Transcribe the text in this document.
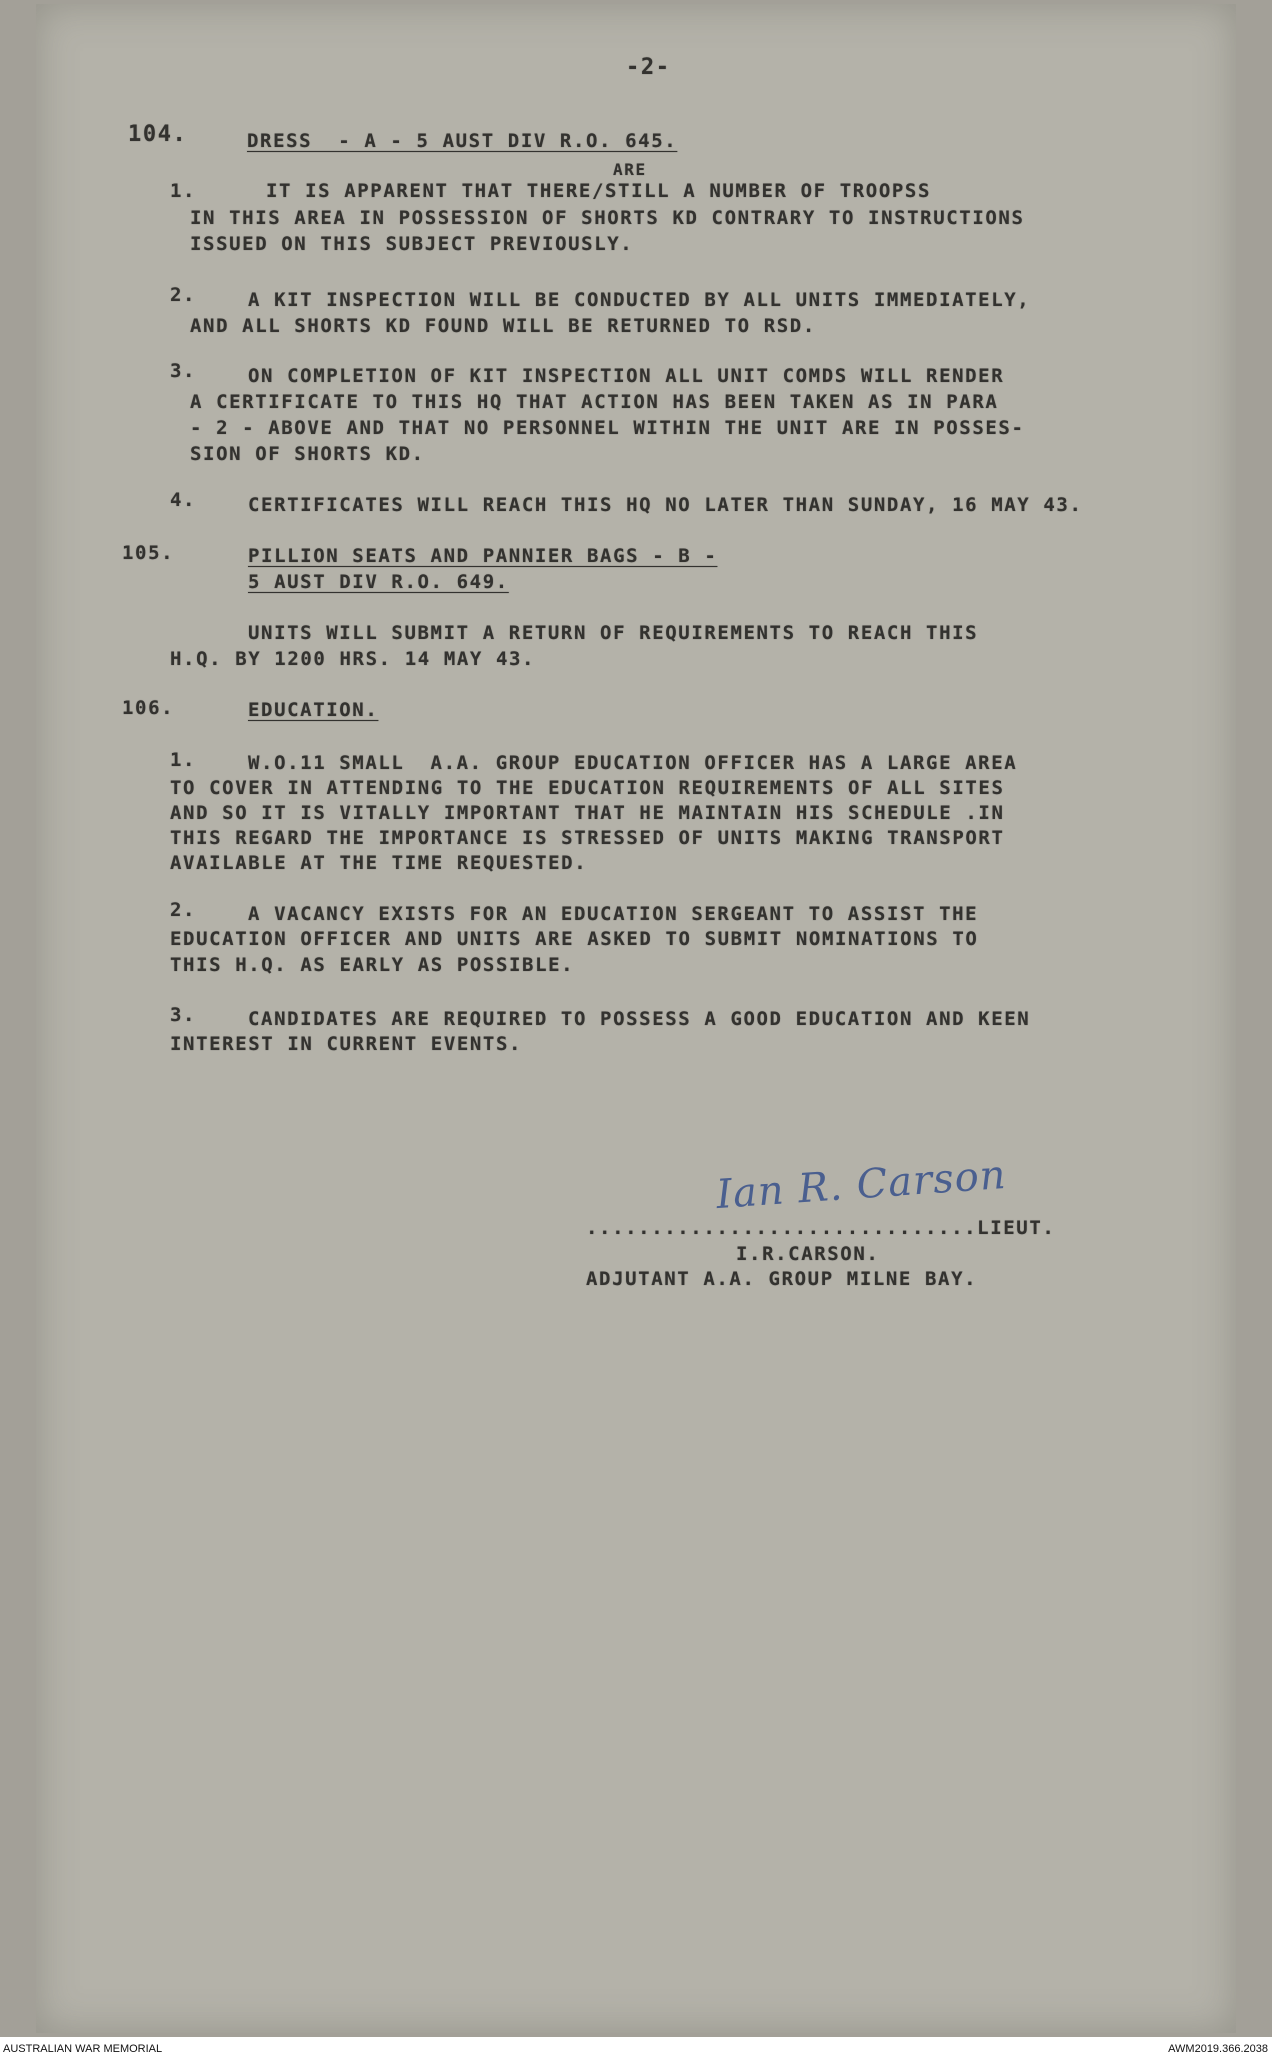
-2-
104.	DRESS  - A - 5 AUST DIV R.O. 645.
ARE
1.	IT IS APPARENT THAT THERE/STILL A NUMBER OF TROOPSS
IN THIS AREA IN POSSESSION OF SHORTS KD CONTRARY TO INSTRUCTIONS
ISSUED ON THIS SUBJECT PREVIOUSLY.
2.	A KIT INSPECTION WILL BE CONDUCTED BY ALL UNITS IMMEDIATELY,
AND ALL SHORTS KD FOUND WILL BE RETURNED TO RSD.
3.	ON COMPLETION OF KIT INSPECTION ALL UNIT COMDS WILL RENDER
A CERTIFICATE TO THIS HQ THAT ACTION HAS BEEN TAKEN AS IN PARA
- 2 - ABOVE AND THAT NO PERSONNEL WITHIN THE UNIT ARE IN POSSES-
SION OF SHORTS KD.
4.	CERTIFICATES WILL REACH THIS HQ NO LATER THAN SUNDAY, 16 MAY 43.
105.	PILLION SEATS AND PANNIER BAGS - B -
5 AUST DIV R.O. 649.
UNITS WILL SUBMIT A RETURN OF REQUIREMENTS TO REACH THIS
H.Q. BY 1200 HRS. 14 MAY 43.
106.	EDUCATION.
1.	W.O.11 SMALL  A.A. GROUP EDUCATION OFFICER HAS A LARGE AREA
TO COVER IN ATTENDING TO THE EDUCATION REQUIREMENTS OF ALL SITES
AND SO IT IS VITALLY IMPORTANT THAT HE MAINTAIN HIS SCHEDULE .IN
THIS REGARD THE IMPORTANCE IS STRESSED OF UNITS MAKING TRANSPORT
AVAILABLE AT THE TIME REQUESTED.
2.	A VACANCY EXISTS FOR AN EDUCATION SERGEANT TO ASSIST THE
EDUCATION OFFICER AND UNITS ARE ASKED TO SUBMIT NOMINATIONS TO
THIS H.Q. AS EARLY AS POSSIBLE.
3.	CANDIDATES ARE REQUIRED TO POSSESS A GOOD EDUCATION AND KEEN
INTEREST IN CURRENT EVENTS.
Ian R. Carson
..............................LIEUT.
I.R.CARSON.
ADJUTANT A.A. GROUP MILNE BAY.
AUSTRALIAN WAR MEMORIAL	AWM2019.366.2038
